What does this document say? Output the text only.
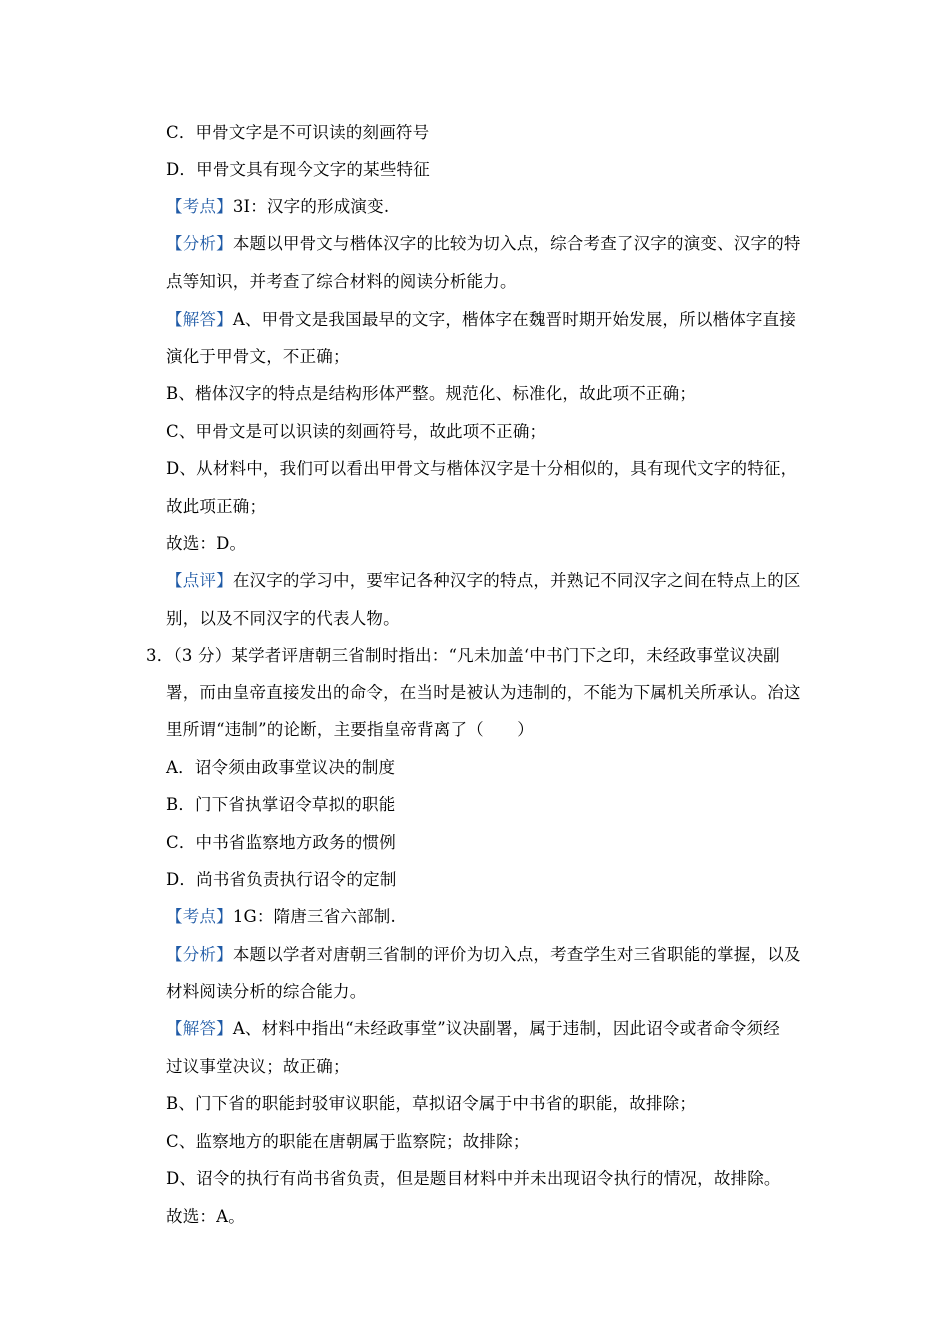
C．甲骨文字是不可识读的刻画符号
D．甲骨文具有现今文字的某些特征
【考点】3I：汉字的形成演变.
【分析】本题以甲骨文与楷体汉字的比较为切入点，综合考查了汉字的演变、汉字的特
点等知识，并考查了综合材料的阅读分析能力。
【解答】A、甲骨文是我国最早的文字，楷体字在魏晋时期开始发展，所以楷体字直接
演化于甲骨文，不正确；
B、楷体汉字的特点是结构形体严整。规范化、标准化，故此项不正确；
C、甲骨文是可以识读的刻画符号，故此项不正确；
D、从材料中，我们可以看出甲骨文与楷体汉字是十分相似的，具有现代文字的特征，
故此项正确；
故选：D。
【点评】在汉字的学习中，要牢记各种汉字的特点，并熟记不同汉字之间在特点上的区
别，以及不同汉字的代表人物。
3．（3 分）某学者评唐朝三省制时指出：“凡未加盖‘中书门下之印，未经政事堂议决副
署，而由皇帝直接发出的命令，在当时是被认为违制的，不能为下属机关所承认。冶这
里所谓“违制”的论断，主要指皇帝背离了（　　）
A．诏令须由政事堂议决的制度
B．门下省执掌诏令草拟的职能
C．中书省监察地方政务的惯例
D．尚书省负责执行诏令的定制
【考点】1G：隋唐三省六部制.
【分析】本题以学者对唐朝三省制的评价为切入点，考查学生对三省职能的掌握，以及
材料阅读分析的综合能力。
【解答】A、材料中指出“未经政事堂”议决副署，属于违制，因此诏令或者命令须经
过议事堂决议；故正确；
B、门下省的职能封驳审议职能，草拟诏令属于中书省的职能，故排除；
C、监察地方的职能在唐朝属于监察院；故排除；
D、诏令的执行有尚书省负责，但是题目材料中并未出现诏令执行的情况，故排除。
故选：A。
